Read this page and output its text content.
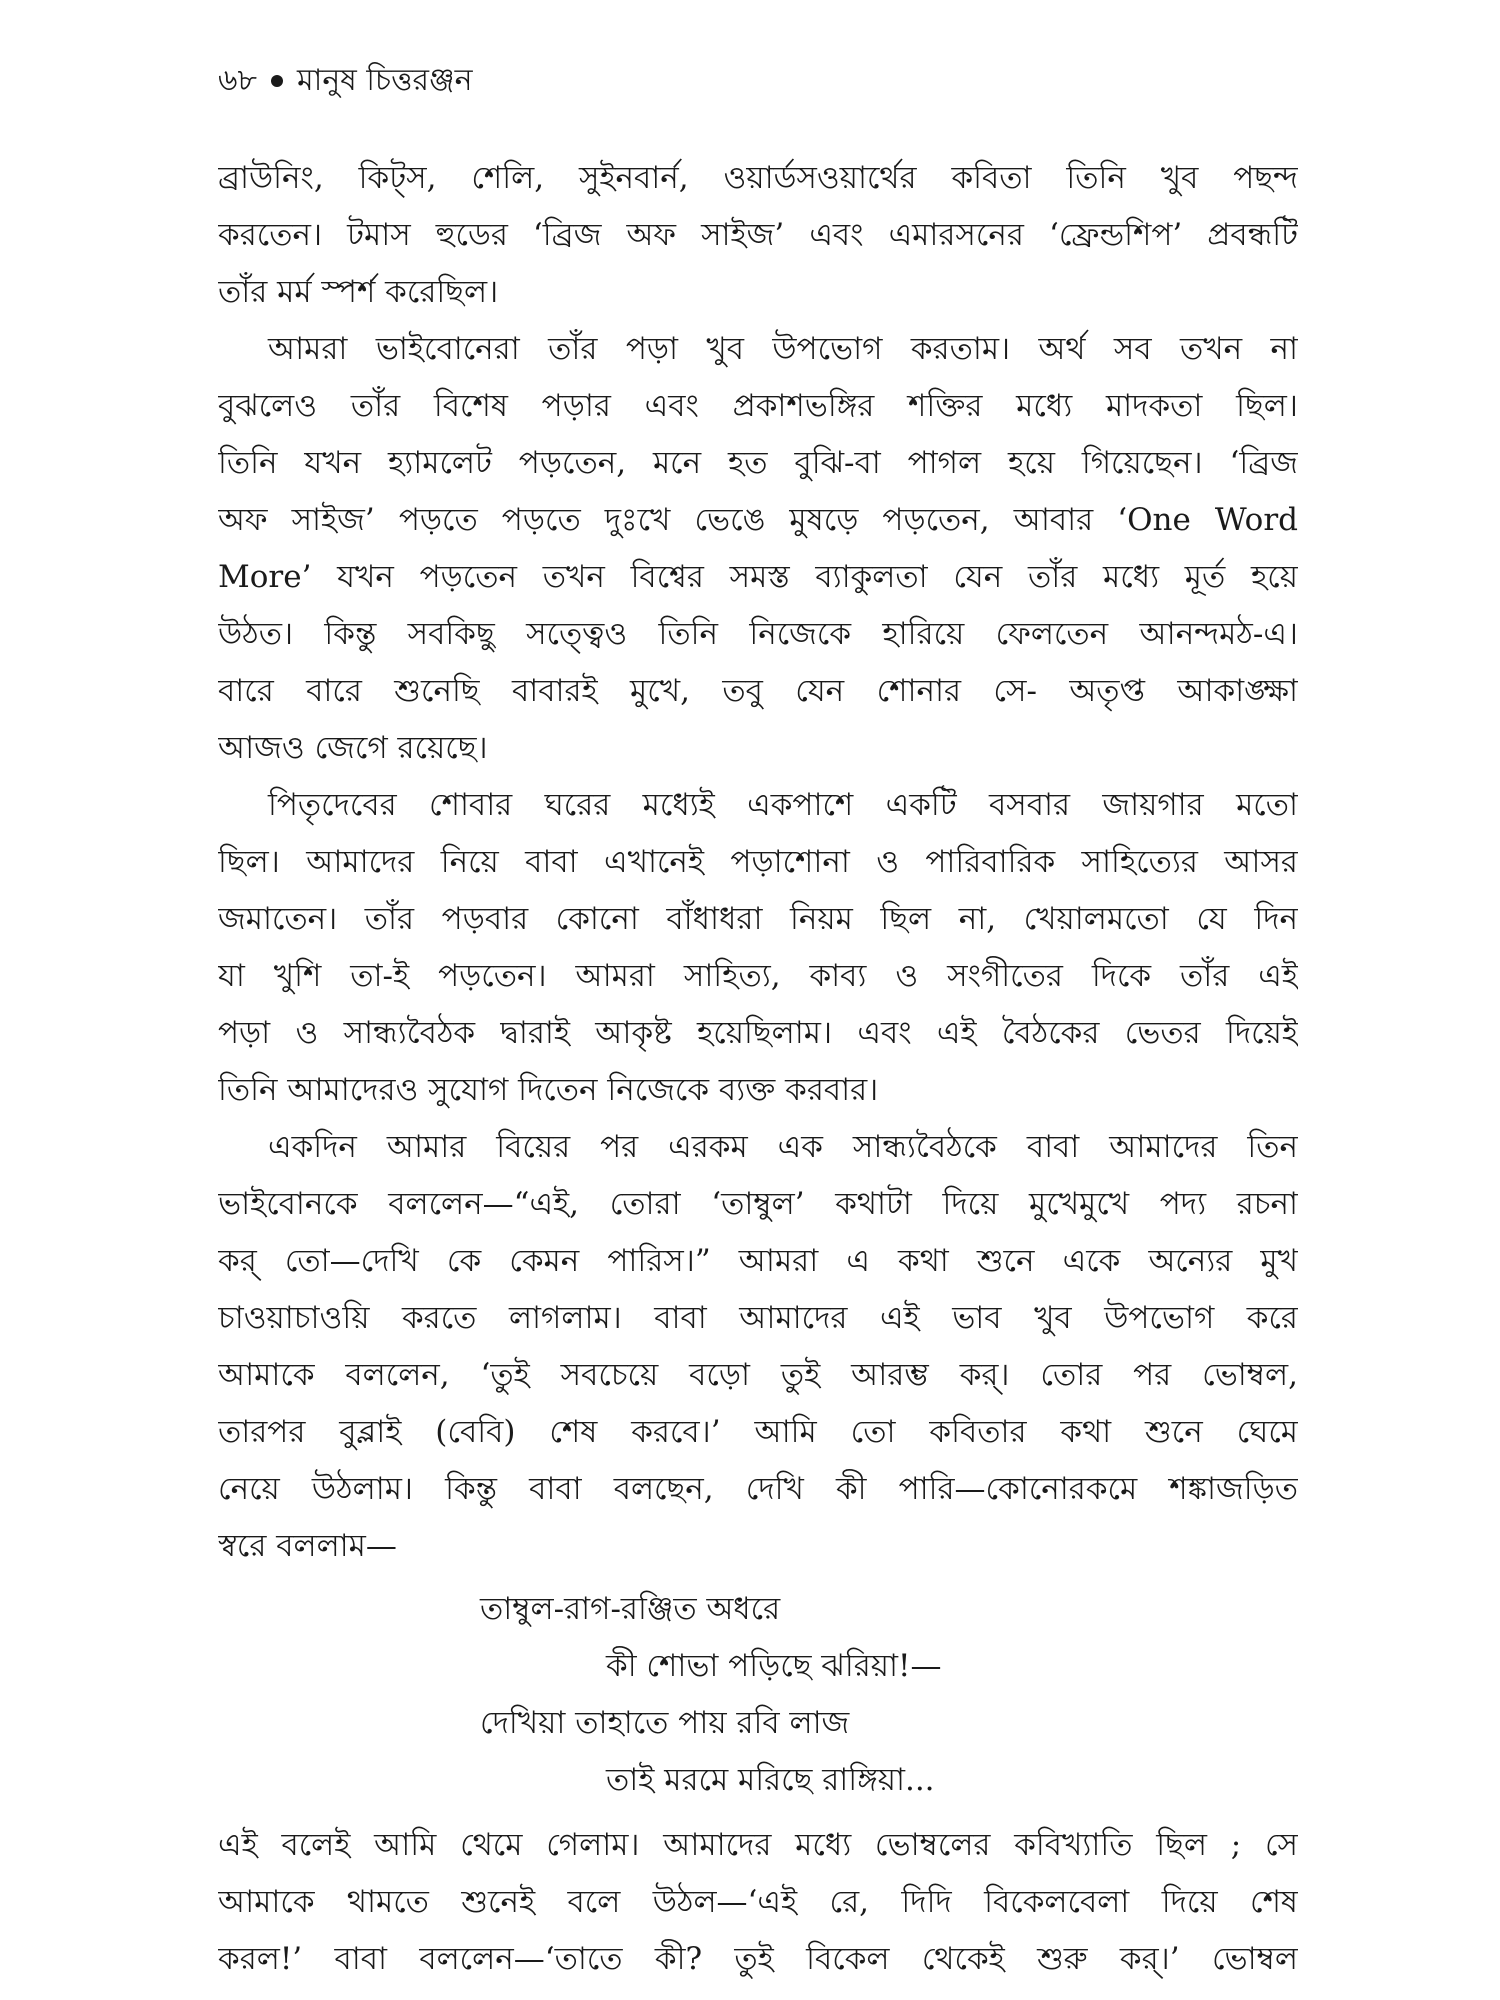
৬৮ মানুষ চিত্তরঞ্জন
ব্রাউনিং, কিট্স, শেলি, সুইনবার্ন, ওয়ার্ডসওয়ার্থের কবিতা তিনি খুব পছন্দ
করতেন। টমাস হুডের ‘ব্রিজ অফ সাইজ’ এবং এমারসনের ‘ফ্রেন্ডশিপ’ প্রবন্ধটি
তাঁর মর্ম স্পর্শ করেছিল।
আমরা ভাইবোনেরা তাঁর পড়া খুব উপভোগ করতাম। অর্থ সব তখন না
বুঝলেও তাঁর বিশেষ পড়ার এবং প্রকাশভঙ্গির শক্তির মধ্যে মাদকতা ছিল।
তিনি যখন হ্যামলেট পড়তেন, মনে হত বুঝি-বা পাগল হয়ে গিয়েছেন। ‘ব্রিজ
অফ সাইজ’ পড়তে পড়তে দুঃখে ভেঙে মুষড়ে পড়তেন, আবার ‘One Word
More’ যখন পড়তেন তখন বিশ্বের সমস্ত ব্যাকুলতা যেন তাঁর মধ্যে মূর্ত হয়ে
উঠত। কিন্তু সবকিছু সত্ত্বেও তিনি নিজেকে হারিয়ে ফেলতেন আনন্দমঠ-এ।
বারে বারে শুনেছি বাবারই মুখে, তবু যেন শোনার সে- অতৃপ্ত আকাঙ্ক্ষা
আজও জেগে রয়েছে।
পিতৃদেবের শোবার ঘরের মধ্যেই একপাশে একটি বসবার জায়গার মতো
ছিল। আমাদের নিয়ে বাবা এখানেই পড়াশোনা ও পারিবারিক সাহিত্যের আসর
জমাতেন। তাঁর পড়বার কোনো বাঁধাধরা নিয়ম ছিল না, খেয়ালমতো যে দিন
যা খুশি তা-ই পড়তেন। আমরা সাহিত্য, কাব্য ও সংগীতের দিকে তাঁর এই
পড়া ও সান্ধ্যবৈঠক দ্বারাই আকৃষ্ট হয়েছিলাম। এবং এই বৈঠকের ভেতর দিয়েই
তিনি আমাদেরও সুযোগ দিতেন নিজেকে ব্যক্ত করবার।
একদিন আমার বিয়ের পর এরকম এক সান্ধ্যবৈঠকে বাবা আমাদের তিন
ভাইবোনকে বললেন—“এই, তোরা ‘তাম্বুল’ কথাটা দিয়ে মুখেমুখে পদ্য রচনা
কর্ তো—দেখি কে কেমন পারিস।” আমরা এ কথা শুনে একে অন্যের মুখ
চাওয়াচাওয়ি করতে লাগলাম। বাবা আমাদের এই ভাব খুব উপভোগ করে
আমাকে বললেন, ‘তুই সবচেয়ে বড়ো তুই আরম্ভ কর্। তোর পর ভোম্বল,
তারপর বুব্লাই (বেবি) শেষ করবে।’ আমি তো কবিতার কথা শুনে ঘেমে
নেয়ে উঠলাম। কিন্তু বাবা বলছেন, দেখি কী পারি—কোনোরকমে শঙ্কাজড়িত
স্বরে বললাম—
তাম্বুল-রাগ-রঞ্জিত অধরে
কী শোভা পড়িছে ঝরিয়া!—
দেখিয়া তাহাতে পায় রবি লাজ
তাই মরমে মরিছে রাঙ্গিয়া...
এই বলেই আমি থেমে গেলাম। আমাদের মধ্যে ভোম্বলের কবিখ্যাতি ছিল ; সে
আমাকে থামতে শুনেই বলে উঠল—‘এই রে, দিদি বিকেলবেলা দিয়ে শেষ
করল!’ বাবা বললেন—‘তাতে কী? তুই বিকেল থেকেই শুরু কর্।’ ভোম্বল
